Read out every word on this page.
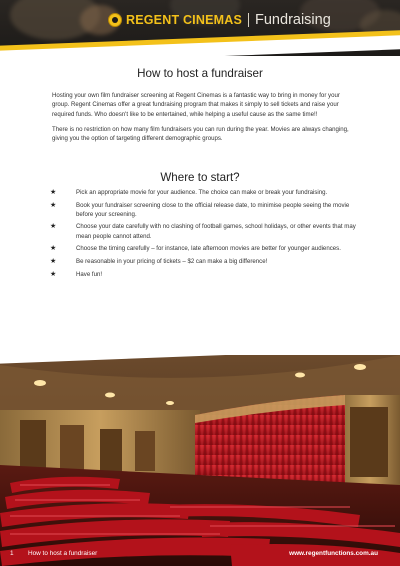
REGENT CINEMAS Fundraising
How to host a fundraiser
Hosting your own film fundraiser screening at Regent Cinemas is a fantastic way to bring in money for your group. Regent Cinemas offer a great fundraising program that makes it simply to sell tickets and raise your required funds. Who doesn't like to be entertained, while helping a useful cause as the same time!!
There is no restriction on how many film fundraisers you can run during the year. Movies are always changing, giving you the option of targeting different demographic groups.
Where to start?
★	Pick an appropriate movie for your audience. The choice can make or break your fundraising.
★	Book your fundraiser screening close to the official release date, to minimise people seeing the movie before your screening.
★	Choose your date carefully with no clashing of football games, school holidays, or other events that may mean people cannot attend.
★	Choose the timing carefully – for instance, late afternoon movies are better for younger audiences.
★	Be reasonable in your pricing of tickets – $2 can make a big difference!
★	Have fun!
1 How to host a fundraiser	www.regentfunctions.com.au
